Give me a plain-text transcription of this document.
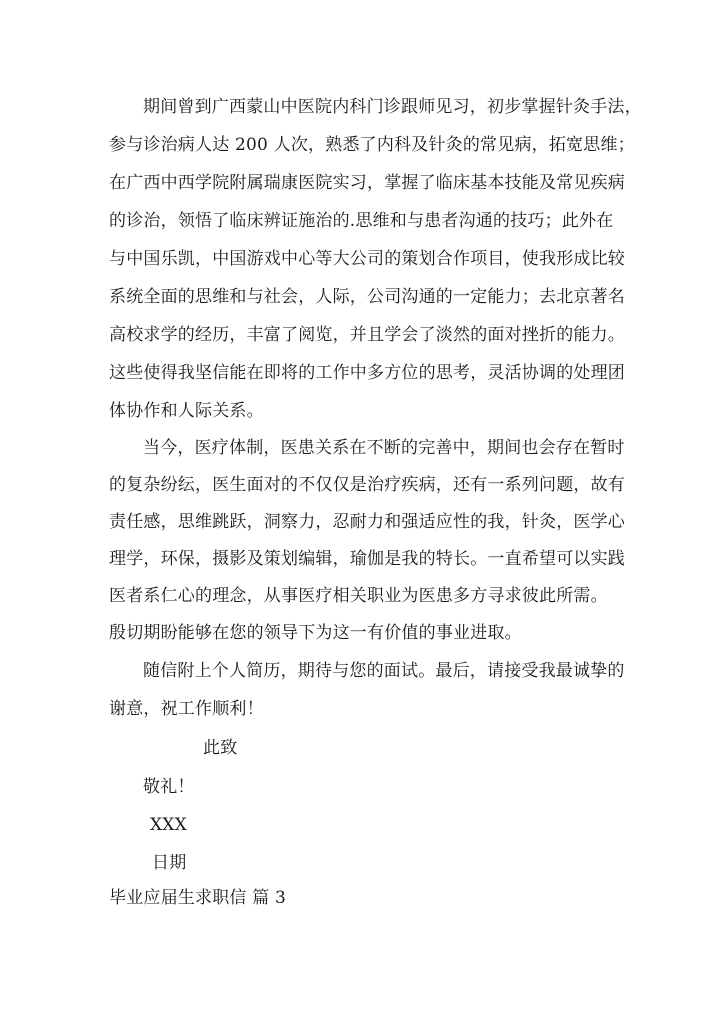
期间曾到广西蒙山中医院内科门诊跟师见习，初步掌握针灸手法，
参与诊治病人达 200 人次，熟悉了内科及针灸的常见病，拓宽思维；
在广西中西学院附属瑞康医院实习，掌握了临床基本技能及常见疾病
的诊治，领悟了临床辨证施治的.思维和与患者沟通的技巧；此外在
与中国乐凯，中国游戏中心等大公司的策划合作项目，使我形成比较
系统全面的思维和与社会，人际，公司沟通的一定能力；去北京著名
高校求学的经历，丰富了阅览，并且学会了淡然的面对挫折的能力。
这些使得我坚信能在即将的工作中多方位的思考，灵活协调的处理团
体协作和人际关系。
当今，医疗体制，医患关系在不断的完善中，期间也会存在暂时
的复杂纷纭，医生面对的不仅仅是治疗疾病，还有一系列问题，故有
责任感，思维跳跃，洞察力，忍耐力和强适应性的我，针灸，医学心
理学，环保，摄影及策划编辑，瑜伽是我的特长。一直希望可以实践
医者系仁心的理念，从事医疗相关职业为医患多方寻求彼此所需。
殷切期盼能够在您的领导下为这一有价值的事业进取。
随信附上个人简历，期待与您的面试。最后，请接受我最诚挚的
谢意，祝工作顺利！
此致
敬礼！
XXX
日期
毕业应届生求职信 篇 3
